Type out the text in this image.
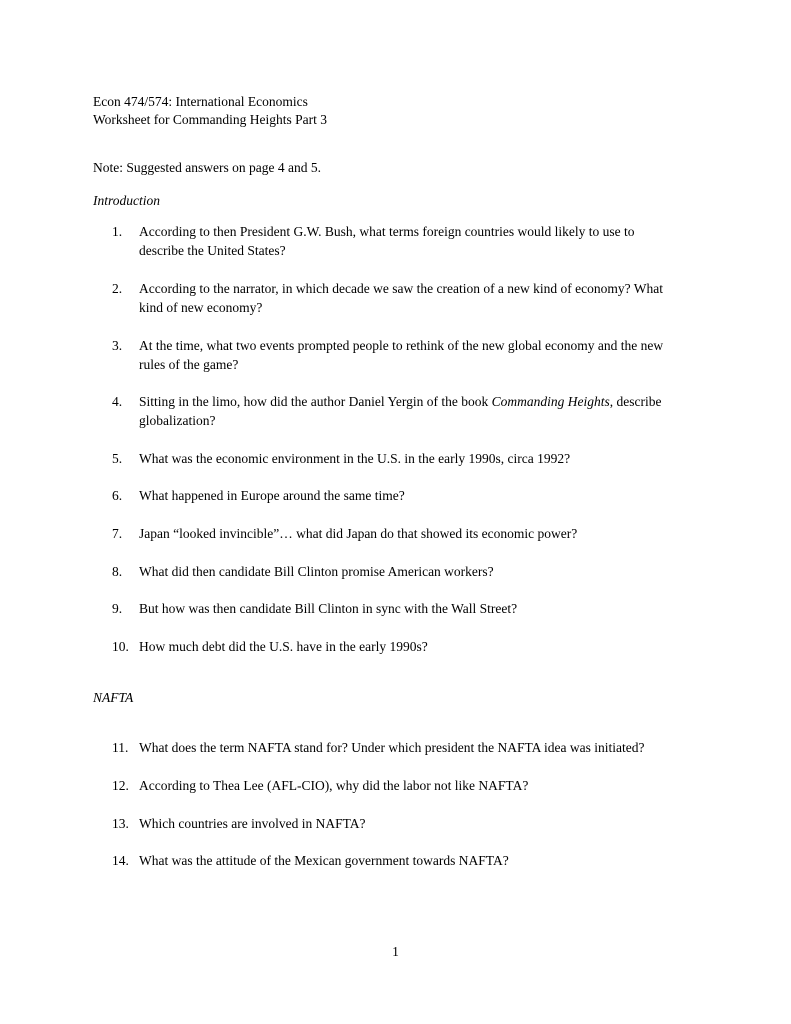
Econ 474/574: International Economics
Worksheet for Commanding Heights Part 3
Note: Suggested answers on page 4 and 5.
Introduction
1. According to then President G.W. Bush, what terms foreign countries would likely to use to
describe the United States?
2. According to the narrator, in which decade we saw the creation of a new kind of economy? What
kind of new economy?
3. At the time, what two events prompted people to rethink of the new global economy and the new
rules of the game?
4. Sitting in the limo, how did the author Daniel Yergin of the book Commanding Heights, describe
globalization?
5. What was the economic environment in the U.S. in the early 1990s, circa 1992?
6. What happened in Europe around the same time?
7. Japan “looked invincible”… what did Japan do that showed its economic power?
8. What did then candidate Bill Clinton promise American workers?
9. But how was then candidate Bill Clinton in sync with the Wall Street?
10. How much debt did the U.S. have in the early 1990s?
NAFTA
11. What does the term NAFTA stand for? Under which president the NAFTA idea was initiated?
12. According to Thea Lee (AFL-CIO), why did the labor not like NAFTA?
13. Which countries are involved in NAFTA?
14. What was the attitude of the Mexican government towards NAFTA?
1
